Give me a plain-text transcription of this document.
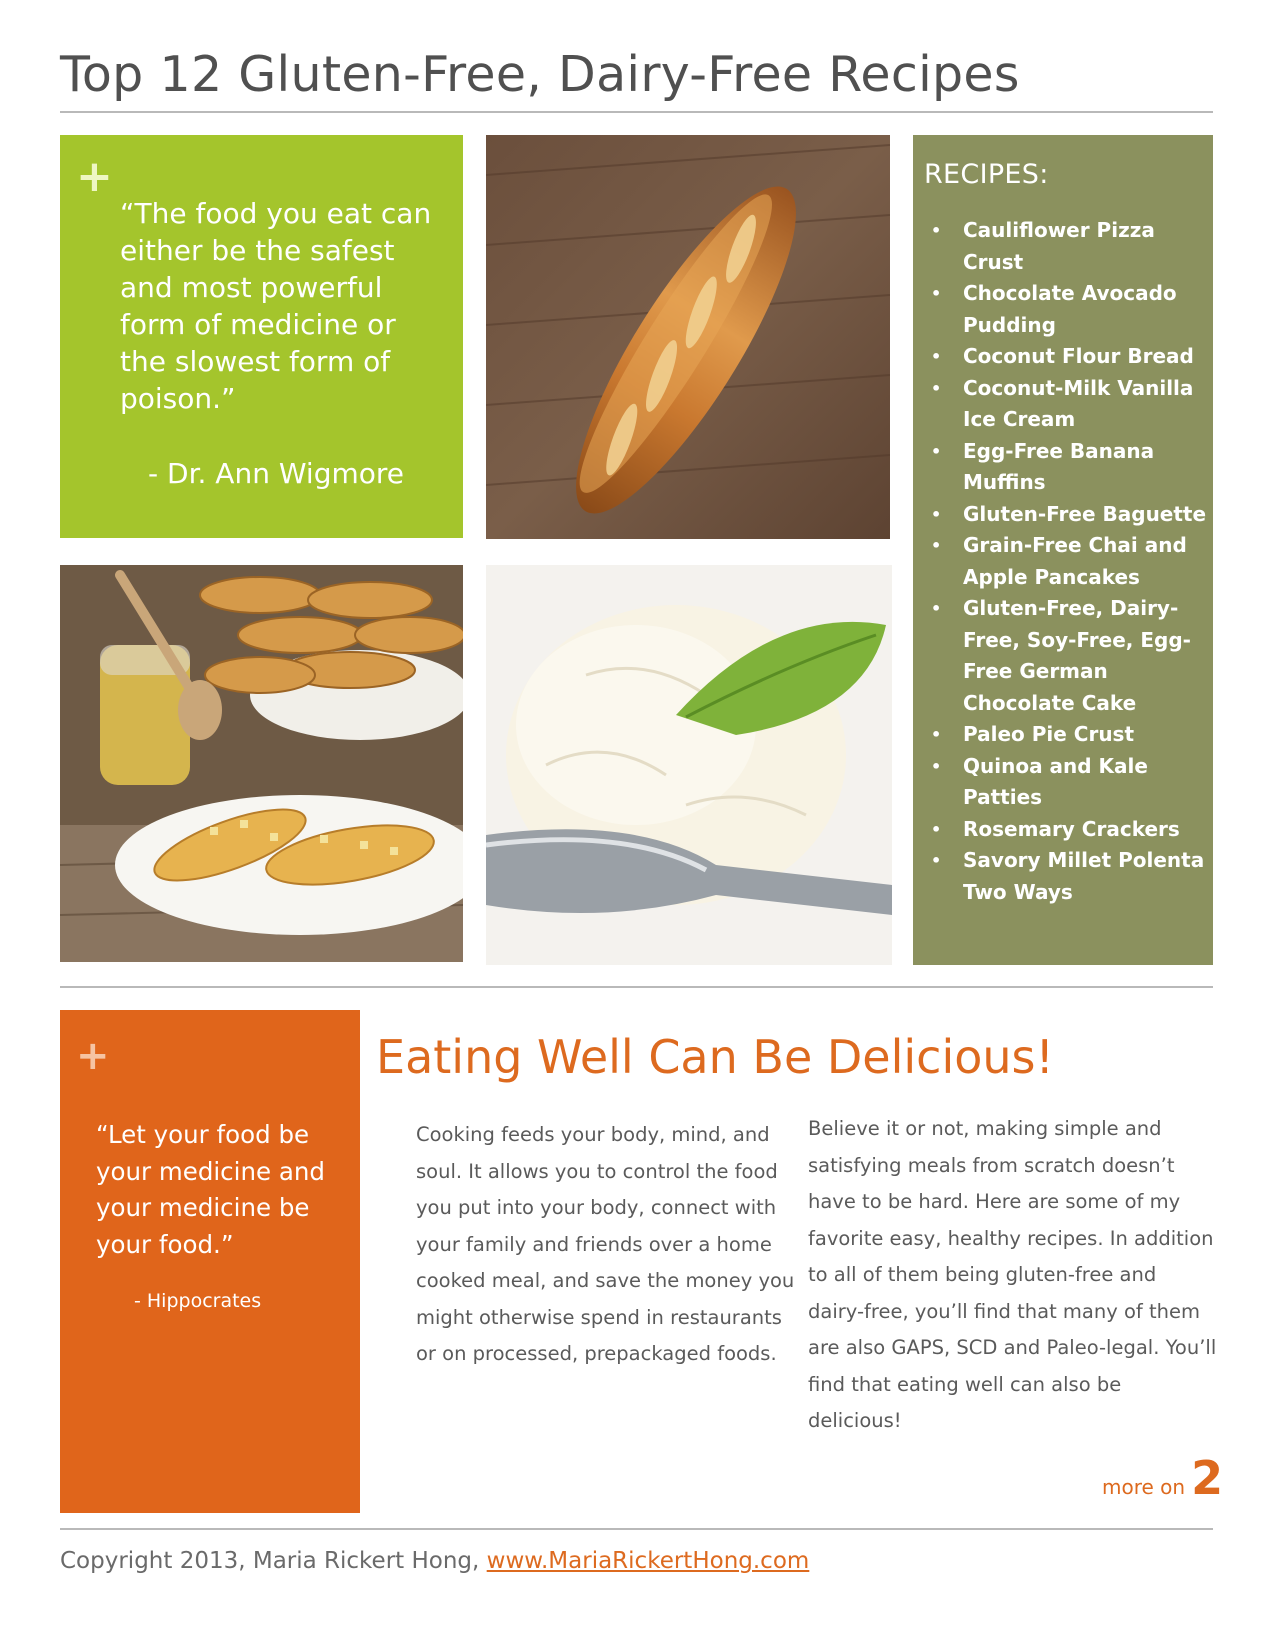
Top 12 Gluten-Free, Dairy-Free Recipes
+

“The food you eat can either be the safest and most powerful form of medicine or the slowest form of poison.”

- Dr. Ann Wigmore

RECIPES:
• Cauliflower Pizza Crust
• Chocolate Avocado Pudding
• Coconut Flour Bread
• Coconut-Milk Vanilla Ice Cream
• Egg-Free Banana Muffins
• Gluten-Free Baguette
• Grain-Free Chai and Apple Pancakes
• Gluten-Free, Dairy-Free, Soy-Free, Egg-Free German Chocolate Cake
• Paleo Pie Crust
• Quinoa and Kale Patties
• Rosemary Crackers
• Savory Millet Polenta Two Ways
+

“Let your food be your medicine and your medicine be your food.”

- Hippocrates

Eating Well Can Be Delicious!

Cooking feeds your body, mind, and soul. It allows you to control the food you put into your body, connect with your family and friends over a home cooked meal, and save the money you might otherwise spend in restaurants or on processed, prepackaged foods.

Believe it or not, making simple and satisfying meals from scratch doesn’t have to be hard. Here are some of my favorite easy, healthy recipes. In addition to all of them being gluten-free and dairy-free, you’ll find that many of them are also GAPS, SCD and Paleo-legal. You’ll find that eating well can also be delicious!

more on 2

Copyright 2013, Maria Rickert Hong, www.MariaRickertHong.com
